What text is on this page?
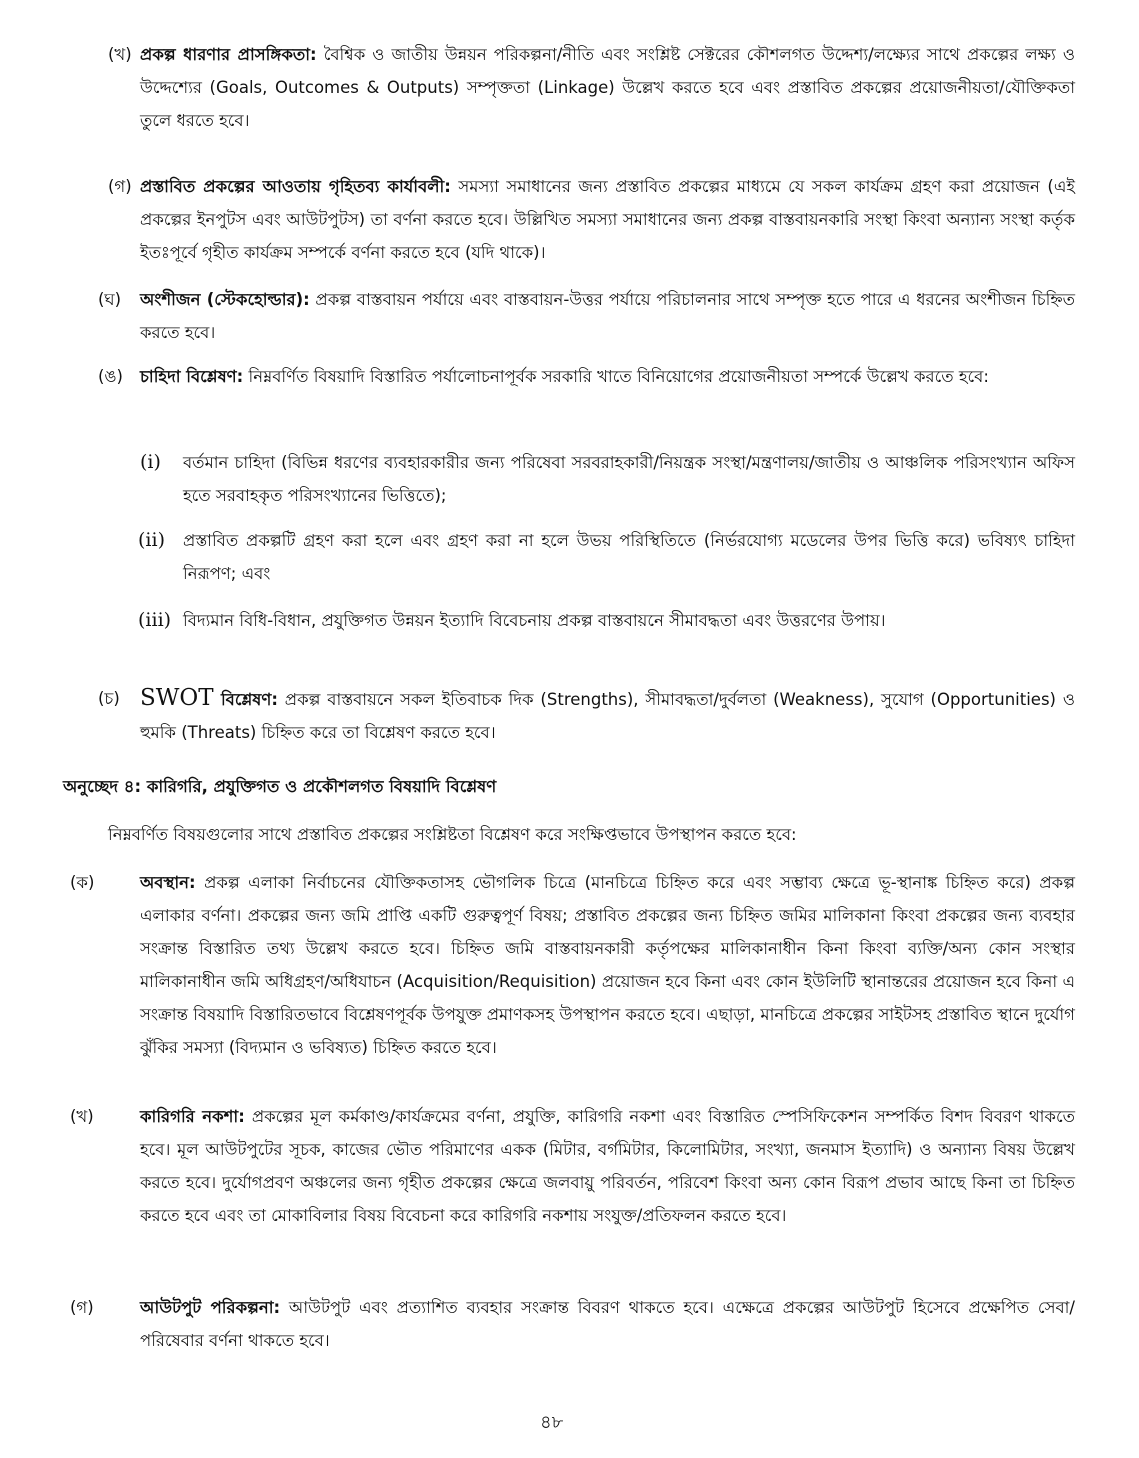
(খ) প্রকল্প ধারণার প্রাসঙ্গিকতা: বৈশ্বিক ও জাতীয় উন্নয়ন পরিকল্পনা/নীতি এবং সংশ্লিষ্ট সেক্টরের কৌশলগত উদ্দেশ্য/লক্ষ্যের সাথে প্রকল্পের লক্ষ্য ও উদ্দেশ্যের (Goals, Outcomes & Outputs) সম্পৃক্ততা (Linkage) উল্লেখ করতে হবে এবং প্রস্তাবিত প্রকল্পের প্রয়োজনীয়তা/যৌক্তিকতা তুলে ধরতে হবে।
(গ) প্রস্তাবিত প্রকল্পের আওতায় গৃহিতব্য কার্যাবলী: সমস্যা সমাধানের জন্য প্রস্তাবিত প্রকল্পের মাধ্যমে যে সকল কার্যক্রম গ্রহণ করা প্রয়োজন (এই প্রকল্পের ইনপুটস এবং আউটপুটস) তা বর্ণনা করতে হবে। উল্লিখিত সমস্যা সমাধানের জন্য প্রকল্প বাস্তবায়নকারি সংস্থা কিংবা অন্যান্য সংস্থা কর্তৃক ইতঃপূর্বে গৃহীত কার্যক্রম সম্পর্কে বর্ণনা করতে হবে (যদি থাকে)।
(ঘ) অংশীজন (স্টেকহোল্ডার): প্রকল্প বাস্তবায়ন পর্যায়ে এবং বাস্তবায়ন-উত্তর পর্যায়ে পরিচালনার সাথে সম্পৃক্ত হতে পারে এ ধরনের অংশীজন চিহ্নিত করতে হবে।
(ঙ) চাহিদা বিশ্লেষণ: নিম্নবর্ণিত বিষয়াদি বিস্তারিত পর্যালোচনাপূর্বক সরকারি খাতে বিনিয়োগের প্রয়োজনীয়তা সম্পর্কে উল্লেখ করতে হবে:
(i) বর্তমান চাহিদা (বিভিন্ন ধরণের ব্যবহারকারীর জন্য পরিষেবা সরবরাহকারী/নিয়ন্ত্রক সংস্থা/মন্ত্রণালয়/জাতীয় ও আঞ্চলিক পরিসংখ্যান অফিস হতে সরবাহকৃত পরিসংখ্যানের ভিত্তিতে);
(ii) প্রস্তাবিত প্রকল্পটি গ্রহণ করা হলে এবং গ্রহণ করা না হলে উভয় পরিস্থিতিতে (নির্ভরযোগ্য মডেলের উপর ভিত্তি করে) ভবিষ্যৎ চাহিদা নিরূপণ; এবং
(iii) বিদ্যমান বিধি-বিধান, প্রযুক্তিগত উন্নয়ন ইত্যাদি বিবেচনায় প্রকল্প বাস্তবায়নে সীমাবদ্ধতা এবং উত্তরণের উপায়।
(চ) SWOT বিশ্লেষণ: প্রকল্প বাস্তবায়নে সকল ইতিবাচক দিক (Strengths), সীমাবদ্ধতা/দুর্বলতা (Weakness), সুযোগ (Opportunities) ও হুমকি (Threats) চিহ্নিত করে তা বিশ্লেষণ করতে হবে।
অনুচ্ছেদ ৪: কারিগরি, প্রযুক্তিগত ও প্রকৌশলগত বিষয়াদি বিশ্লেষণ
নিম্নবর্ণিত বিষয়গুলোর সাথে প্রস্তাবিত প্রকল্পের সংশ্লিষ্টতা বিশ্লেষণ করে সংক্ষিপ্তভাবে উপস্থাপন করতে হবে:
(ক)	অবস্থান: প্রকল্প এলাকা নির্বাচনের যৌক্তিকতাসহ ভৌগলিক চিত্রে (মানচিত্রে চিহ্নিত করে এবং সম্ভাব্য ক্ষেত্রে ভূ-স্থানাঙ্ক চিহ্নিত করে) প্রকল্প এলাকার বর্ণনা। প্রকল্পের জন্য জমি প্রাপ্তি একটি গুরুত্বপূর্ণ বিষয়; প্রস্তাবিত প্রকল্পের জন্য চিহ্নিত জমির মালিকানা কিংবা প্রকল্পের জন্য ব্যবহার সংক্রান্ত বিস্তারিত তথ্য উল্লেখ করতে হবে। চিহ্নিত জমি বাস্তবায়নকারী কর্তৃপক্ষের মালিকানাধীন কিনা কিংবা ব্যক্তি/অন্য কোন সংস্থার মালিকানাধীন জমি অধিগ্রহণ/অধিযাচন (Acquisition/Requisition) প্রয়োজন হবে কিনা এবং কোন ইউলিটি স্থানান্তরের প্রয়োজন হবে কিনা এ সংক্রান্ত বিষয়াদি বিস্তারিতভাবে বিশ্লেষণপূর্বক উপযুক্ত প্রমাণকসহ উপস্থাপন করতে হবে। এছাড়া, মানচিত্রে প্রকল্পের সাইটসহ প্রস্তাবিত স্থানে দুর্যোগ ঝুঁকির সমস্যা (বিদ্যমান ও ভবিষ্যত) চিহ্নিত করতে হবে।
(খ)	কারিগরি নকশা: প্রকল্পের মূল কর্মকাণ্ড/কার্যক্রমের বর্ণনা, প্রযুক্তি, কারিগরি নকশা এবং বিস্তারিত স্পেসিফিকেশন সম্পর্কিত বিশদ বিবরণ থাকতে হবে। মূল আউটপুটের সূচক, কাজের ভৌত পরিমাণের একক (মিটার, বর্গমিটার, কিলোমিটার, সংখ্যা, জনমাস ইত্যাদি) ও অন্যান্য বিষয় উল্লেখ করতে হবে। দুর্যোগপ্রবণ অঞ্চলের জন্য গৃহীত প্রকল্পের ক্ষেত্রে জলবায়ু পরিবর্তন, পরিবেশ কিংবা অন্য কোন বিরূপ প্রভাব আছে কিনা তা চিহ্নিত করতে হবে এবং তা মোকাবিলার বিষয় বিবেচনা করে কারিগরি নকশায় সংযুক্ত/প্রতিফলন করতে হবে।
(গ)	আউটপুট পরিকল্পনা: আউটপুট এবং প্রত্যাশিত ব্যবহার সংক্রান্ত বিবরণ থাকতে হবে। এক্ষেত্রে প্রকল্পের আউটপুট হিসেবে প্রক্ষেপিত সেবা/পরিষেবার বর্ণনা থাকতে হবে।
৪৮
